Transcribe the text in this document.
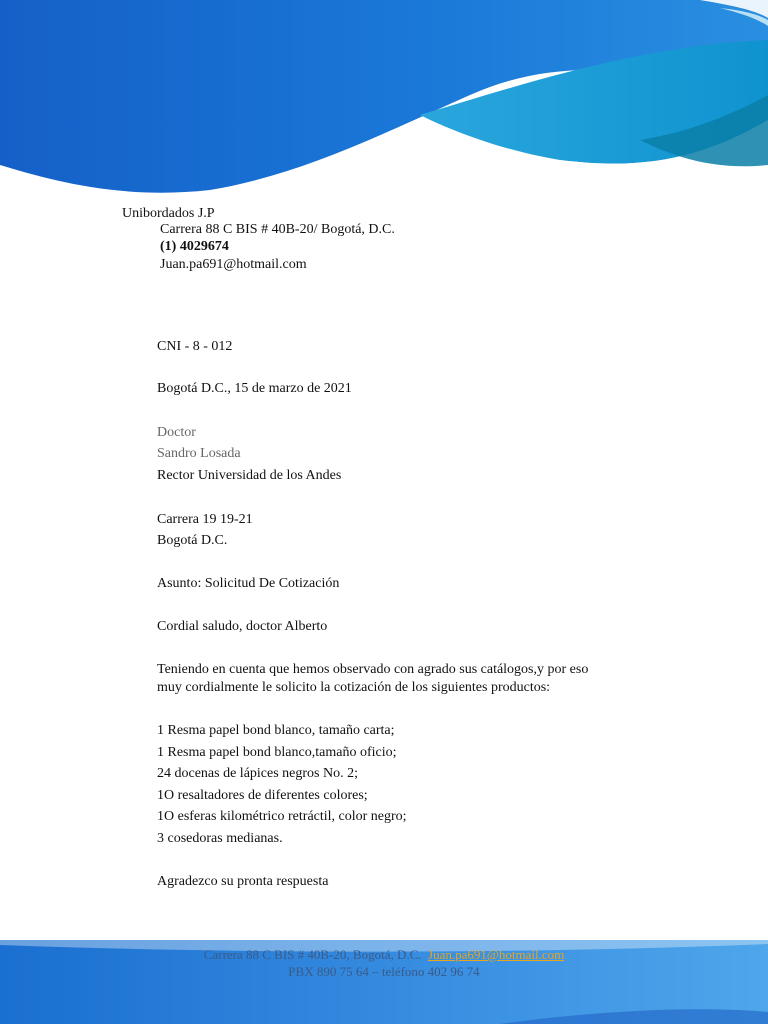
Unibordados J.P
Carrera 88 C BIS # 40B-20/ Bogotá, D.C.
(1) 4029674
Juan.pa691@hotmail.com
CNI - 8 - 012
Bogotá D.C., 15 de marzo de 2021
Doctor
Sandro Losada
Rector Universidad de los Andes
Carrera 19 19-21
Bogotá D.C.
Asunto: Solicitud De Cotización
Cordial saludo, doctor Alberto
Teniendo en cuenta que hemos observado con agrado sus catálogos,y por eso
muy cordialmente le solicito la cotización de los siguientes productos:
1 Resma papel bond blanco, tamaño carta;
1 Resma papel bond blanco,tamaño oficio;
24 docenas de lápices negros No. 2;
1O resaltadores de diferentes colores;
1O esferas kilométrico retráctil, color negro;
3 cosedoras medianas.
Agradezco su pronta respuesta
Carrera 88 C BIS # 40B-20, Bogotá, D.C. Juan.pa691@hotmail.com
PBX 890 75 64 – teléfono 402 96 74
